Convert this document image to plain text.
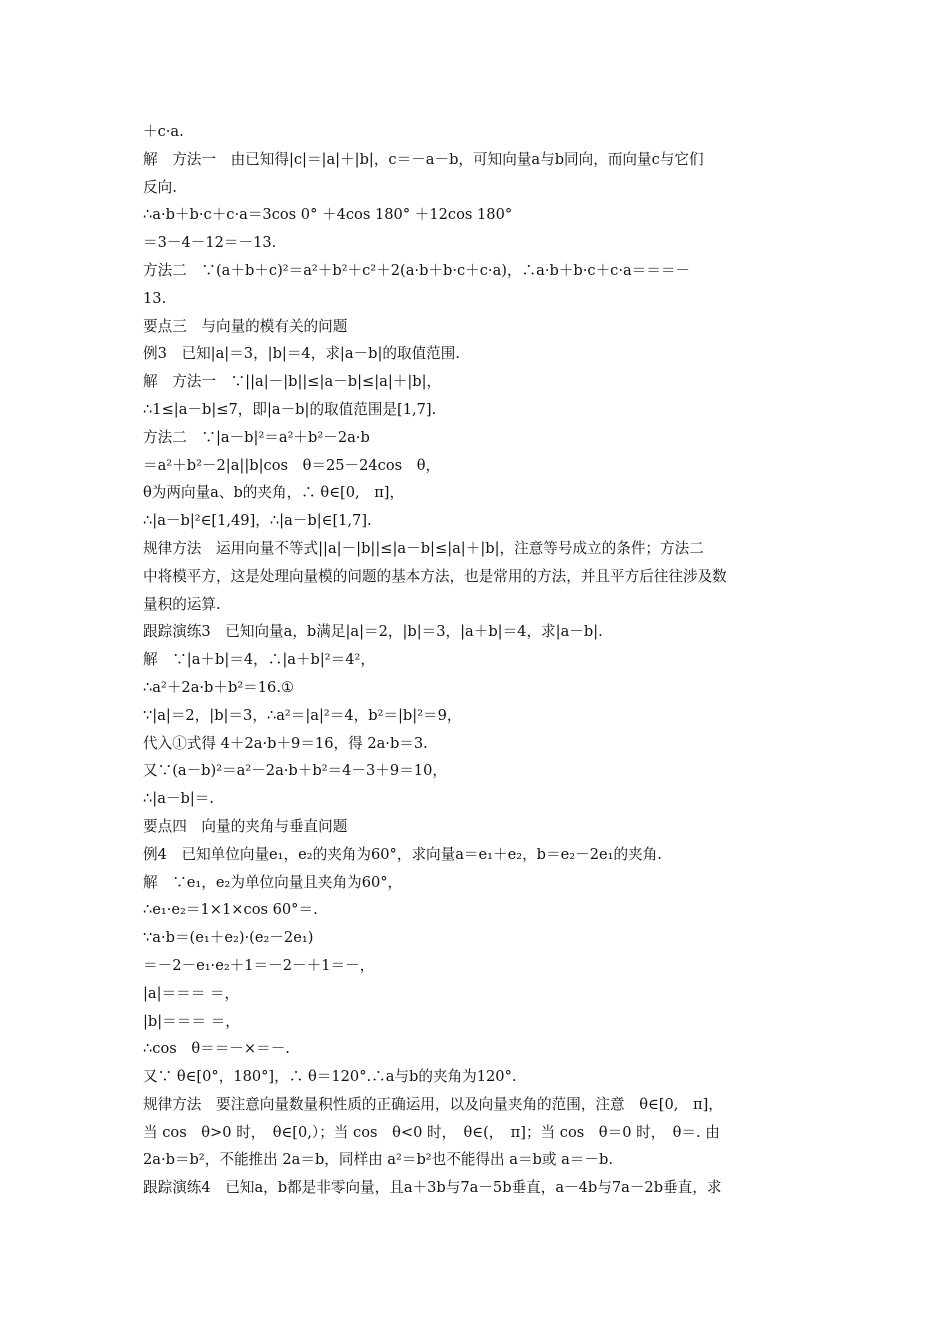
＋c·a.
解　方法一　由已知得|c|＝|a|＋|b|，c＝－a－b，可知向量a与b同向，而向量c与它们
反向.
∴a·b＋b·c＋c·a＝3cos 0° ＋4cos 180° ＋12cos 180°
＝3－4－12＝－13.
方法二　∵(a＋b＋c)²＝a²＋b²＋c²＋2(a·b＋b·c＋c·a)，∴a·b＋b·c＋c·a＝＝＝－
13.
要点三　与向量的模有关的问题
例3　已知|a|＝3，|b|＝4，求|a－b|的取值范围.
解　方法一　∵||a|－|b||≤|a－b|≤|a|＋|b|，
∴1≤|a－b|≤7，即|a－b|的取值范围是[1,7].
方法二　∵|a－b|²＝a²＋b²－2a·b
＝a²＋b²－2|a||b|cos　θ＝25－24cos　θ，
θ为两向量a、b的夹角，∴ θ∈[0,　π]，
∴|a－b|²∈[1,49]，∴|a－b|∈[1,7].
规律方法　运用向量不等式||a|－|b||≤|a－b|≤|a|＋|b|，注意等号成立的条件；方法二
中将模平方，这是处理向量模的问题的基本方法，也是常用的方法，并且平方后往往涉及数
量积的运算.
跟踪演练3　已知向量a，b满足|a|＝2，|b|＝3，|a＋b|＝4，求|a－b|.
解　∵|a＋b|＝4，∴|a＋b|²＝4²，
∴a²＋2a·b＋b²＝16.①
∵|a|＝2，|b|＝3，∴a²＝|a|²＝4，b²＝|b|²＝9，
代入①式得 4＋2a·b＋9＝16，得 2a·b＝3.
又∵(a－b)²＝a²－2a·b＋b²＝4－3＋9＝10，
∴|a－b|＝.
要点四　向量的夹角与垂直问题
例4　已知单位向量e₁，e₂的夹角为60°，求向量a＝e₁＋e₂，b＝e₂－2e₁的夹角.
解　∵e₁，e₂为单位向量且夹角为60°，
∴e₁·e₂＝1×1×cos 60°＝.
∵a·b＝(e₁＋e₂)·(e₂－2e₁)
＝－2－e₁·e₂＋1＝－2－＋1＝－，
|a|＝＝＝ ＝，
|b|＝＝＝ ＝，
∴cos　θ＝＝－×＝－.
又∵ θ∈[0°，180°]，∴ θ＝120°.∴a与b的夹角为120°.
规律方法　要注意向量数量积性质的正确运用，以及向量夹角的范围，注意　θ∈[0,　π]，
当 cos　θ>0 时，　θ∈[0,）；当 cos　θ<0 时，　θ∈(，　π]；当 cos　θ＝0 时，　θ＝. 由
2a·b＝b²，不能推出 2a＝b，同样由 a²＝b²也不能得出 a＝b或 a＝－b.
跟踪演练4　已知a，b都是非零向量，且a＋3b与7a－5b垂直，a－4b与7a－2b垂直，求
